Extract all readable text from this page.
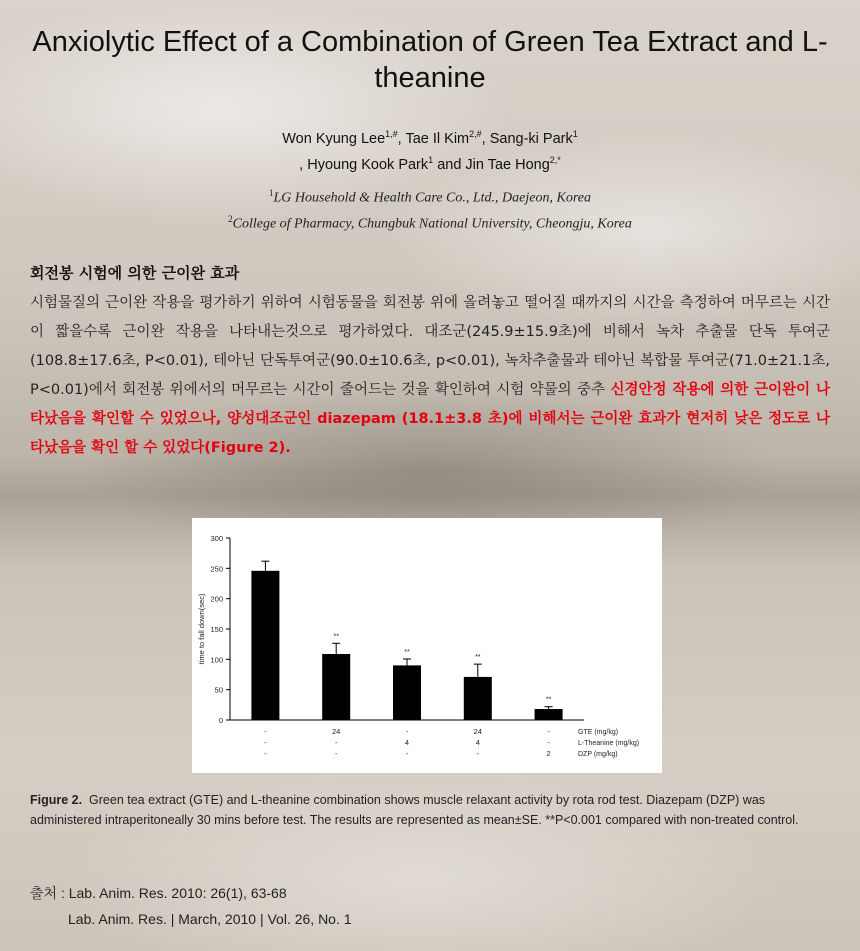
Anxiolytic Effect of a Combination of Green Tea Extract and L-theanine
Won Kyung Lee$^{1,\#}$, Tae Il Kim$^{2,\#}$, Sang-ki Park$^1$
, Hyoung Kook Park$^1$ and Jin Tae Hong$^{2,*}$
$^1$LG Household & Health Care Co., Ltd., Daejeon, Korea
$^2$College of Pharmacy, Chungbuk National University, Cheongju, Korea
회전봉 시험에 의한 근이완 효과
시험물질의 근이완 작용을 평가하기 위하여 시험동물을 회전봉 위에 올려놓고 떨어질 때까지의 시간을 측정하여 머무르는 시간이 짧을수록 근이완 작용을 나타내는것으로 평가하였다. 대조군(245.9±15.9초)에 비해서 녹차 추출물 단독 투여군(108.8±17.6초, P<0.01), 테아닌 단독투여군(90.0±10.6초, p<0.01), 녹차추출물과 테아닌 복합물 투여군(71.0±21.1초, P<0.01)에서 회전봉 위에서의 머무르는 시간이 줄어드는 것을 확인하여 시험 약물의 중추 신경안정 작용에 의한 근이완이 나타났음을 확인할 수 있었으나, 양성대조군인 diazepam (18.1±3.8 초)에 비해서는 근이완 효과가 현저히 낮은 정도로 나타났음을 확인 할 수 있었다(Figure 2).
0
50
100
150
200
250
300
time to fall down(sec)	**
**
**
**
-	24	-	24	-	GTE (mg/kg)
-	-	4	4	-	L-Theanine (mg/kg)
-	-	-	-	2	DZP (mg/kg)
Figure 2. Green tea extract (GTE) and L-theanine combination shows muscle relaxant activity by rota rod test. Diazepam (DZP) was administered intraperitoneally 30 mins before test. The results are represented as mean±SE. **P<0.001 compared with non-treated control.
출처 : Lab. Anim. Res. 2010: 26(1), 63-68
Lab. Anim. Res. | March, 2010 | Vol. 26, No. 1
